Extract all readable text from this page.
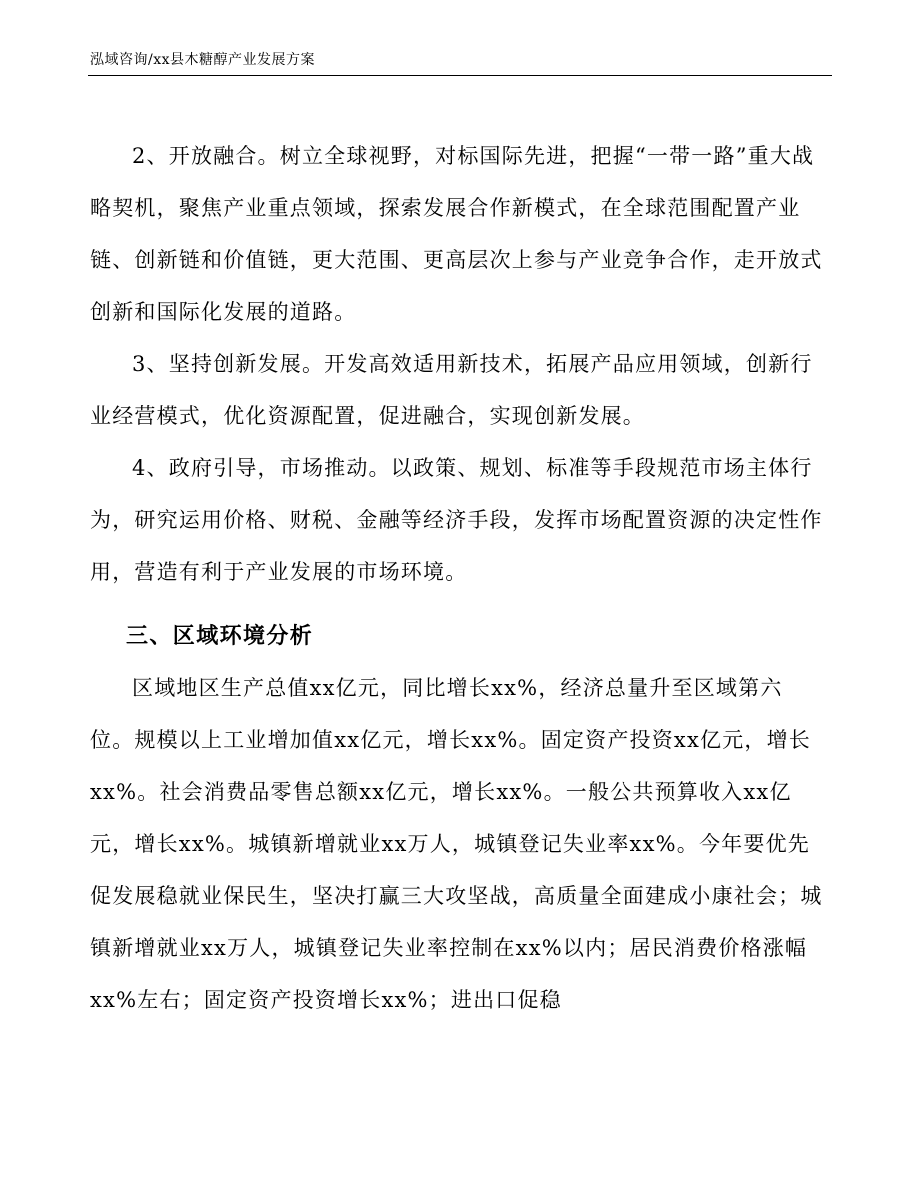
泓域咨询/xx县木糖醇产业发展方案

2、开放融合。树立全球视野，对标国际先进，把握“一带一路”重大战略契机，聚焦产业重点领域，探索发展合作新模式，在全球范围配置产业链、创新链和价值链，更大范围、更高层次上参与产业竞争合作，走开放式创新和国际化发展的道路。

3、坚持创新发展。开发高效适用新技术，拓展产品应用领域，创新行业经营模式，优化资源配置，促进融合，实现创新发展。

4、政府引导，市场推动。以政策、规划、标准等手段规范市场主体行为，研究运用价格、财税、金融等经济手段，发挥市场配置资源的决定性作用，营造有利于产业发展的市场环境。

三、区域环境分析

区域地区生产总值xx亿元，同比增长xx%，经济总量升至区域第六位。规模以上工业增加值xx亿元，增长xx%。固定资产投资xx亿元，增长xx%。社会消费品零售总额xx亿元，增长xx%。一般公共预算收入xx亿元，增长xx%。城镇新增就业xx万人，城镇登记失业率xx%。今年要优先促发展稳就业保民生，坚决打赢三大攻坚战，高质量全面建成小康社会；城镇新增就业xx万人，城镇登记失业率控制在xx%以内；居民消费价格涨幅xx%左右；固定资产投资增长xx%；进出口促稳
